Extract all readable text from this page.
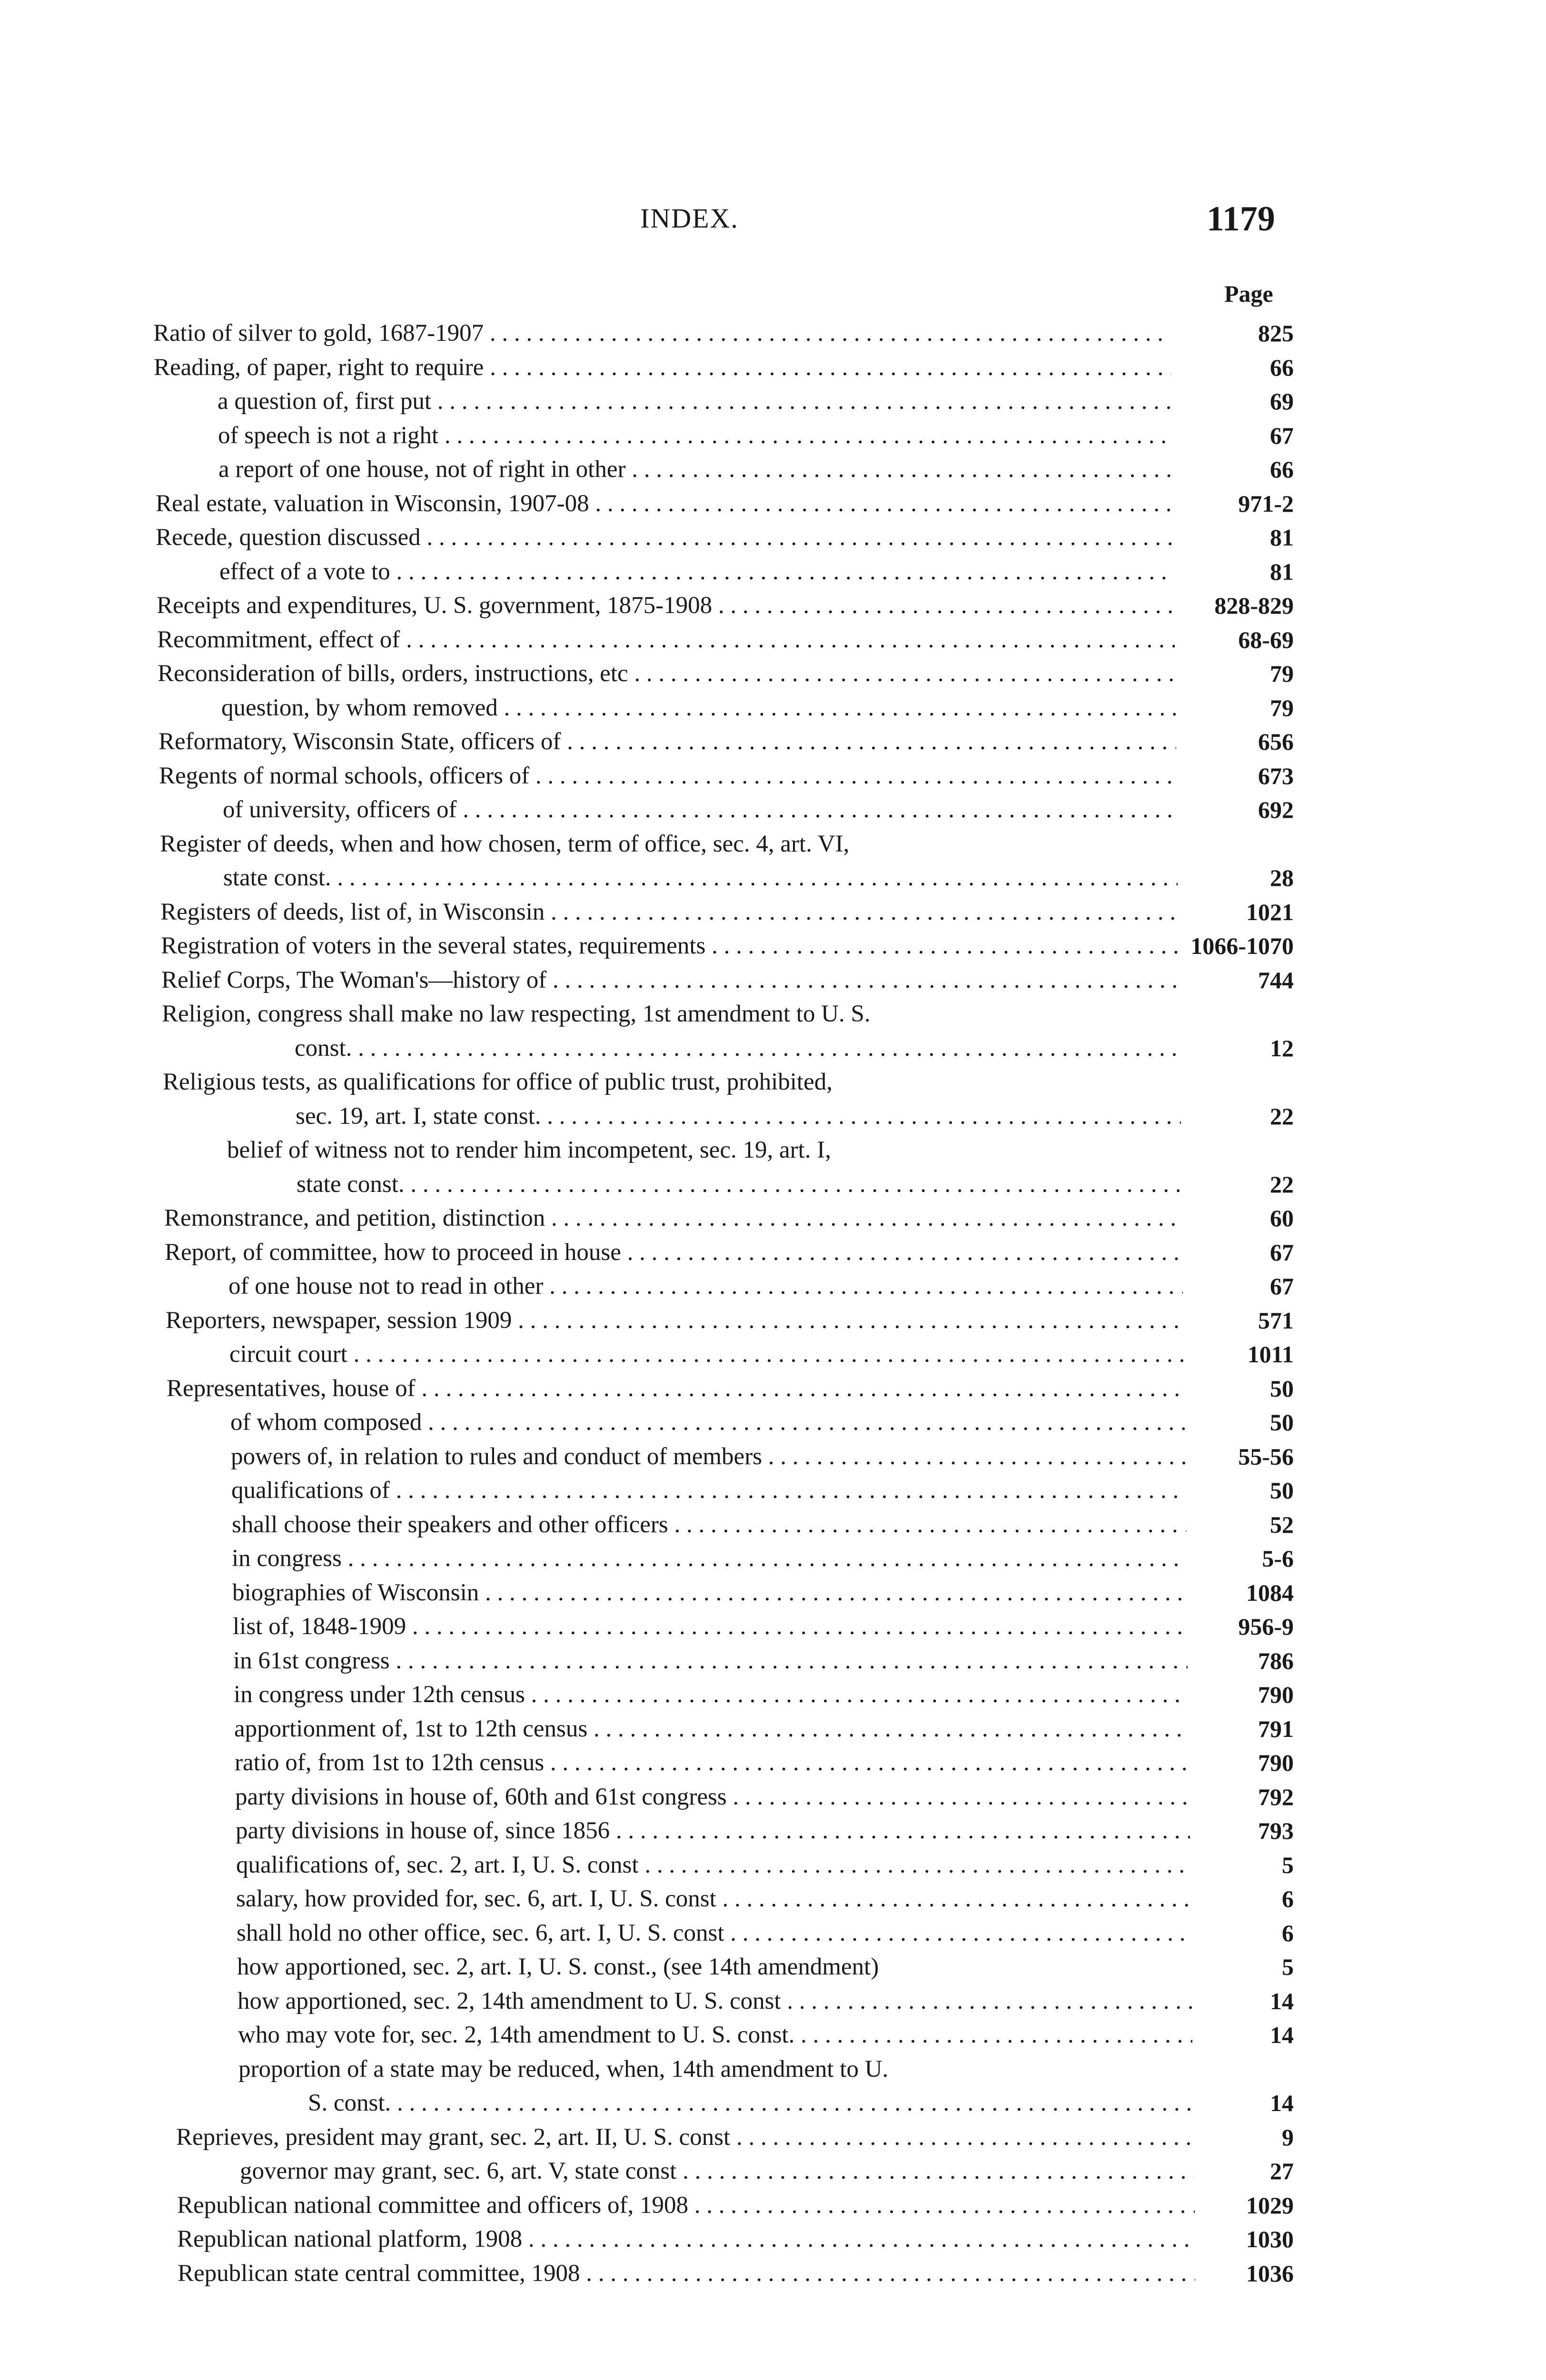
INDEX.	1179
Page
Ratio of silver to gold, 1687-1907 . . .	825
Reading, of paper, right to require . . .	66
a question of, first put . . .	69
of speech is not a right . . .	67
a report of one house, not of right in other . . .	66
Real estate, valuation in Wisconsin, 1907-08 . . .	971-2
Recede, question discussed . . .	81
effect of a vote to . . .	81
Receipts and expenditures, U. S. government, 1875-1908 . . .	828-829
Recommitment, effect of . . .	68-69
Reconsideration of bills, orders, instructions, etc . . .	79
question, by whom removed . . .	79
Reformatory, Wisconsin State, officers of . . .	656
Regents of normal schools, officers of . . .	673
of university, officers of . . .	692
Register of deeds, when and how chosen, term of office, sec. 4, art. VI,
state const. . . .	28
Registers of deeds, list of, in Wisconsin . . .	1021
Registration of voters in the several states, requirements . . .	1066-1070
Relief Corps, The Woman's—history of . . .	744
Religion, congress shall make no law respecting, 1st amendment to U. S.
const. . . .	12
Religious tests, as qualifications for office of public trust, prohibited,
sec. 19, art. I, state const. . . .	22
belief of witness not to render him incompetent, sec. 19, art. I,
state const. . . .	22
Remonstrance, and petition, distinction . . .	60
Report, of committee, how to proceed in house . . .	67
of one house not to read in other . . .	67
Reporters, newspaper, session 1909 . . .	571
circuit court . . .	1011
Representatives, house of . . .	50
of whom composed . . .	50
powers of, in relation to rules and conduct of members . . .	55-56
qualifications of . . .	50
shall choose their speakers and other officers . . .	52
in congress . . .	5-6
biographies of Wisconsin . . .	1084
list of, 1848-1909 . . .	956-9
in 61st congress . . .	786
in congress under 12th census . . .	790
apportionment of, 1st to 12th census . . .	791
ratio of, from 1st to 12th census . . .	790
party divisions in house of, 60th and 61st congress . . .	792
party divisions in house of, since 1856 . . .	793
qualifications of, sec. 2, art. I, U. S. const . . .	5
salary, how provided for, sec. 6, art. I, U. S. const . . .	6
shall hold no other office, sec. 6, art. I, U. S. const . . .	6
how apportioned, sec. 2, art. I, U. S. const., (see 14th amendment)	5
how apportioned, sec. 2, 14th amendment to U. S. const . . .	14
who may vote for, sec. 2, 14th amendment to U. S. const. . . .	14
proportion of a state may be reduced, when, 14th amendment to U.
S. const. . . .	14
Reprieves, president may grant, sec. 2, art. II, U. S. const . . .	9
governor may grant, sec. 6, art. V, state const . . .	27
Republican national committee and officers of, 1908 . . .	1029
Republican national platform, 1908 . . .	1030
Republican state central committee, 1908 . . .	1036
